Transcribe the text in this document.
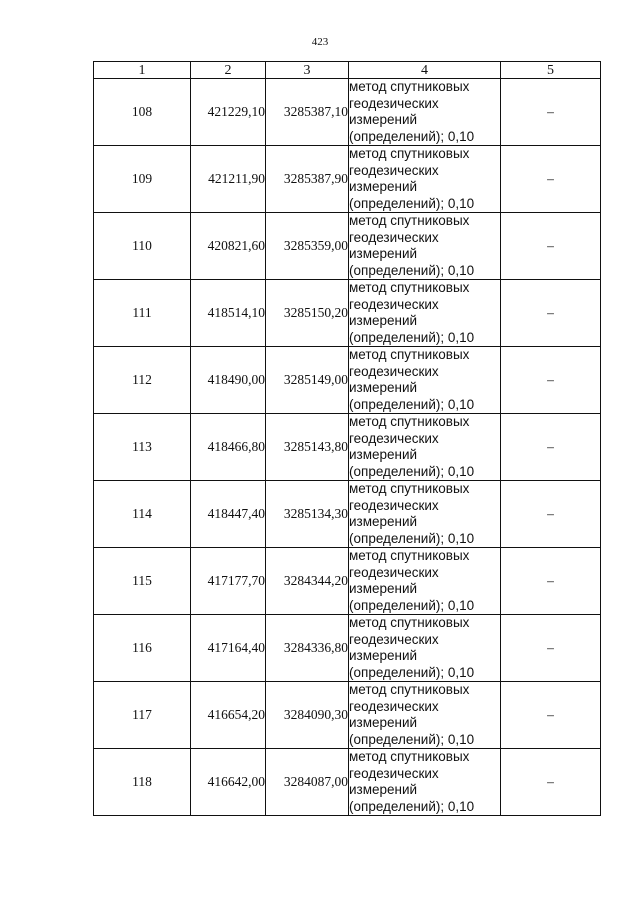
423
1	2	3	4	5
108	421229,10	3285387,10	метод спутниковых
геодезических
измерений
(определений); 0,10	–
109	421211,90	3285387,90	метод спутниковых
геодезических
измерений
(определений); 0,10	–
110	420821,60	3285359,00	метод спутниковых
геодезических
измерений
(определений); 0,10	–
111	418514,10	3285150,20	метод спутниковых
геодезических
измерений
(определений); 0,10	–
112	418490,00	3285149,00	метод спутниковых
геодезических
измерений
(определений); 0,10	–
113	418466,80	3285143,80	метод спутниковых
геодезических
измерений
(определений); 0,10	–
114	418447,40	3285134,30	метод спутниковых
геодезических
измерений
(определений); 0,10	–
115	417177,70	3284344,20	метод спутниковых
геодезических
измерений
(определений); 0,10	–
116	417164,40	3284336,80	метод спутниковых
геодезических
измерений
(определений); 0,10	–
117	416654,20	3284090,30	метод спутниковых
геодезических
измерений
(определений); 0,10	–
118	416642,00	3284087,00	метод спутниковых
геодезических
измерений
(определений); 0,10	–
